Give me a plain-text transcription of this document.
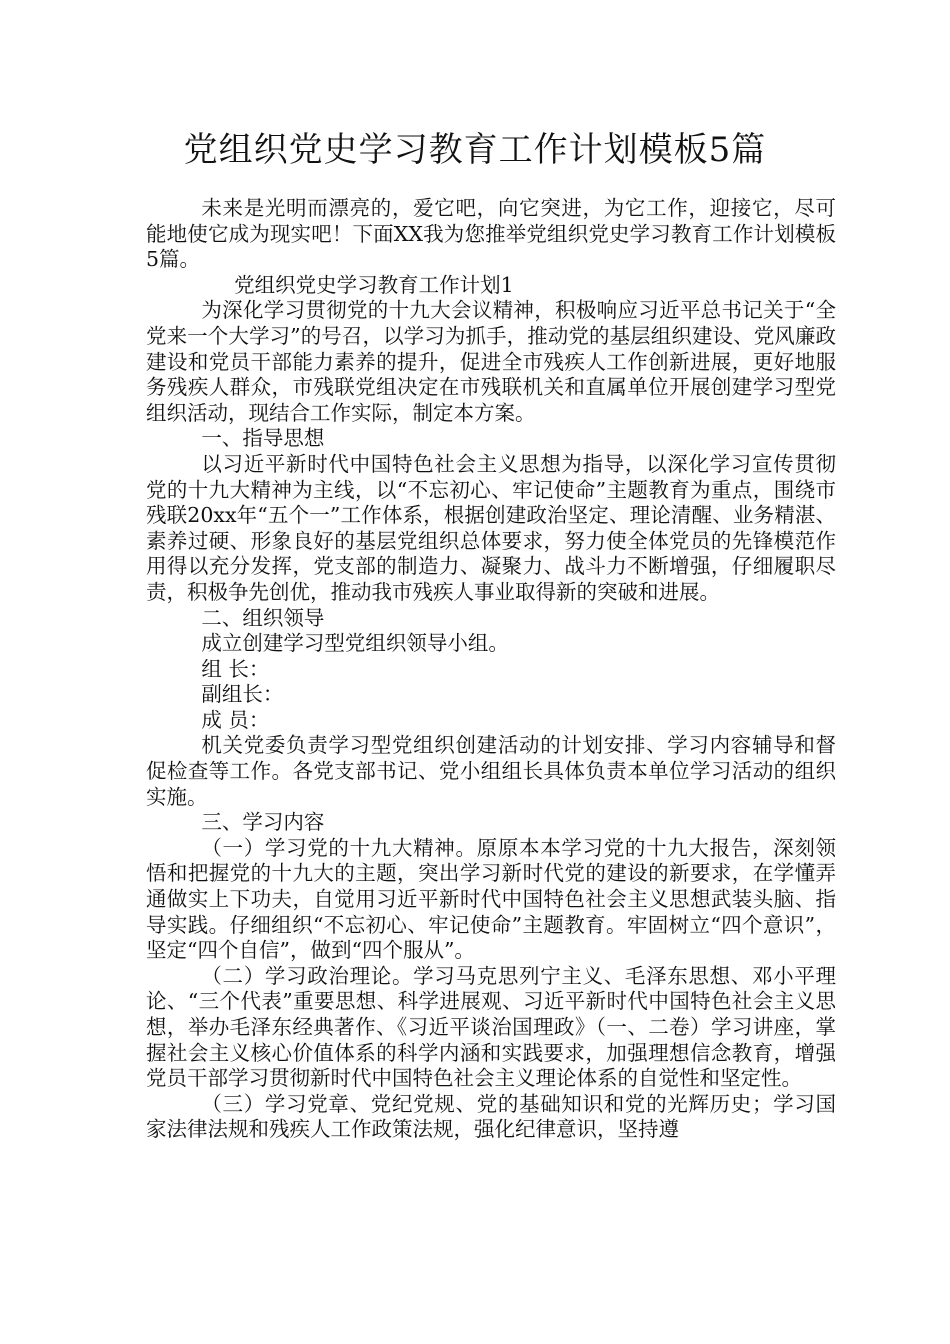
党组织党史学习教育工作计划模板5篇

未来是光明而漂亮的，爱它吧，向它突进，为它工作，迎接它，尽可能地使它成为现实吧！下面XX我为您推举党组织党史学习教育工作计划模板5篇。

党组织党史学习教育工作计划1

为深化学习贯彻党的十九大会议精神，积极响应习近平总书记关于“全党来一个大学习”的号召，以学习为抓手，推动党的基层组织建设、党风廉政建设和党员干部能力素养的提升，促进全市残疾人工作创新进展，更好地服务残疾人群众，市残联党组决定在市残联机关和直属单位开展创建学习型党组织活动，现结合工作实际，制定本方案。

一、指导思想

以习近平新时代中国特色社会主义思想为指导，以深化学习宣传贯彻党的十九大精神为主线，以“不忘初心、牢记使命”主题教育为重点，围绕市残联20xx年“五个一”工作体系，根据创建政治坚定、理论清醒、业务精湛、素养过硬、形象良好的基层党组织总体要求，努力使全体党员的先锋模范作用得以充分发挥，党支部的制造力、凝聚力、战斗力不断增强，仔细履职尽责，积极争先创优，推动我市残疾人事业取得新的突破和进展。

二、组织领导

成立创建学习型党组织领导小组。

组 长：

副组长：

成 员：

机关党委负责学习型党组织创建活动的计划安排、学习内容辅导和督促检查等工作。各党支部书记、党小组组长具体负责本单位学习活动的组织实施。

三、学习内容

（一）学习党的十九大精神。原原本本学习党的十九大报告，深刻领悟和把握党的十九大的主题，突出学习新时代党的建设的新要求，在学懂弄通做实上下功夫，自觉用习近平新时代中国特色社会主义思想武装头脑、指导实践。仔细组织“不忘初心、牢记使命”主题教育。牢固树立“四个意识”，坚定“四个自信”，做到“四个服从”。

（二）学习政治理论。学习马克思列宁主义、毛泽东思想、邓小平理论、“三个代表”重要思想、科学进展观、习近平新时代中国特色社会主义思想，举办毛泽东经典著作、《习近平谈治国理政》（一、二卷）学习讲座，掌握社会主义核心价值体系的科学内涵和实践要求，加强理想信念教育，增强党员干部学习贯彻新时代中国特色社会主义理论体系的自觉性和坚定性。

（三）学习党章、党纪党规、党的基础知识和党的光辉历史；学习国家法律法规和残疾人工作政策法规，强化纪律意识，坚持遵
